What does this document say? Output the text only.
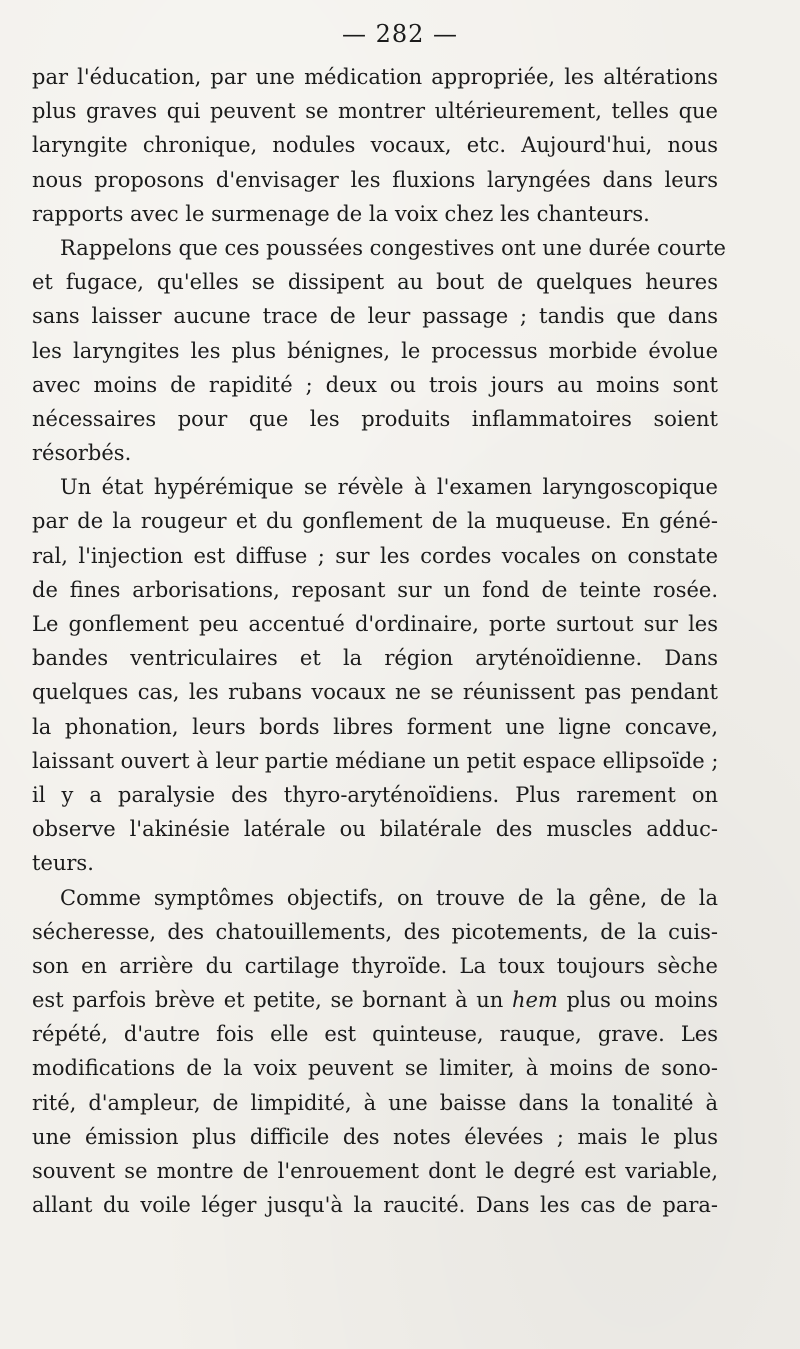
— 282 —
par l'éducation, par une médication appropriée, les altérations
plus graves qui peuvent se montrer ultérieurement, telles que
laryngite chronique, nodules vocaux, etc. Aujourd'hui, nous
nous proposons d'envisager les fluxions laryngées dans leurs
rapports avec le surmenage de la voix chez les chanteurs.
Rappelons que ces poussées congestives ont une durée courte
et fugace, qu'elles se dissipent au bout de quelques heures
sans laisser aucune trace de leur passage ; tandis que dans
les laryngites les plus bénignes, le processus morbide évolue
avec moins de rapidité ; deux ou trois jours au moins sont
nécessaires pour que les produits inflammatoires soient
résorbés.
Un état hypérémique se révèle à l'examen laryngoscopique
par de la rougeur et du gonflement de la muqueuse. En géné-
ral, l'injection est diffuse ; sur les cordes vocales on constate
de fines arborisations, reposant sur un fond de teinte rosée.
Le gonflement peu accentué d'ordinaire, porte surtout sur les
bandes ventriculaires et la région aryténoïdienne. Dans
quelques cas, les rubans vocaux ne se réunissent pas pendant
la phonation, leurs bords libres forment une ligne concave,
laissant ouvert à leur partie médiane un petit espace ellipsoïde ;
il y a paralysie des thyro-aryténoïdiens. Plus rarement on
observe l'akinésie latérale ou bilatérale des muscles adduc-
teurs.
Comme symptômes objectifs, on trouve de la gêne, de la
sécheresse, des chatouillements, des picotements, de la cuis-
son en arrière du cartilage thyroïde. La toux toujours sèche
est parfois brève et petite, se bornant à un hem plus ou moins
répété, d'autre fois elle est quinteuse, rauque, grave. Les
modifications de la voix peuvent se limiter, à moins de sono-
rité, d'ampleur, de limpidité, à une baisse dans la tonalité à
une émission plus difficile des notes élevées ; mais le plus
souvent se montre de l'enrouement dont le degré est variable,
allant du voile léger jusqu'à la raucité. Dans les cas de para-
